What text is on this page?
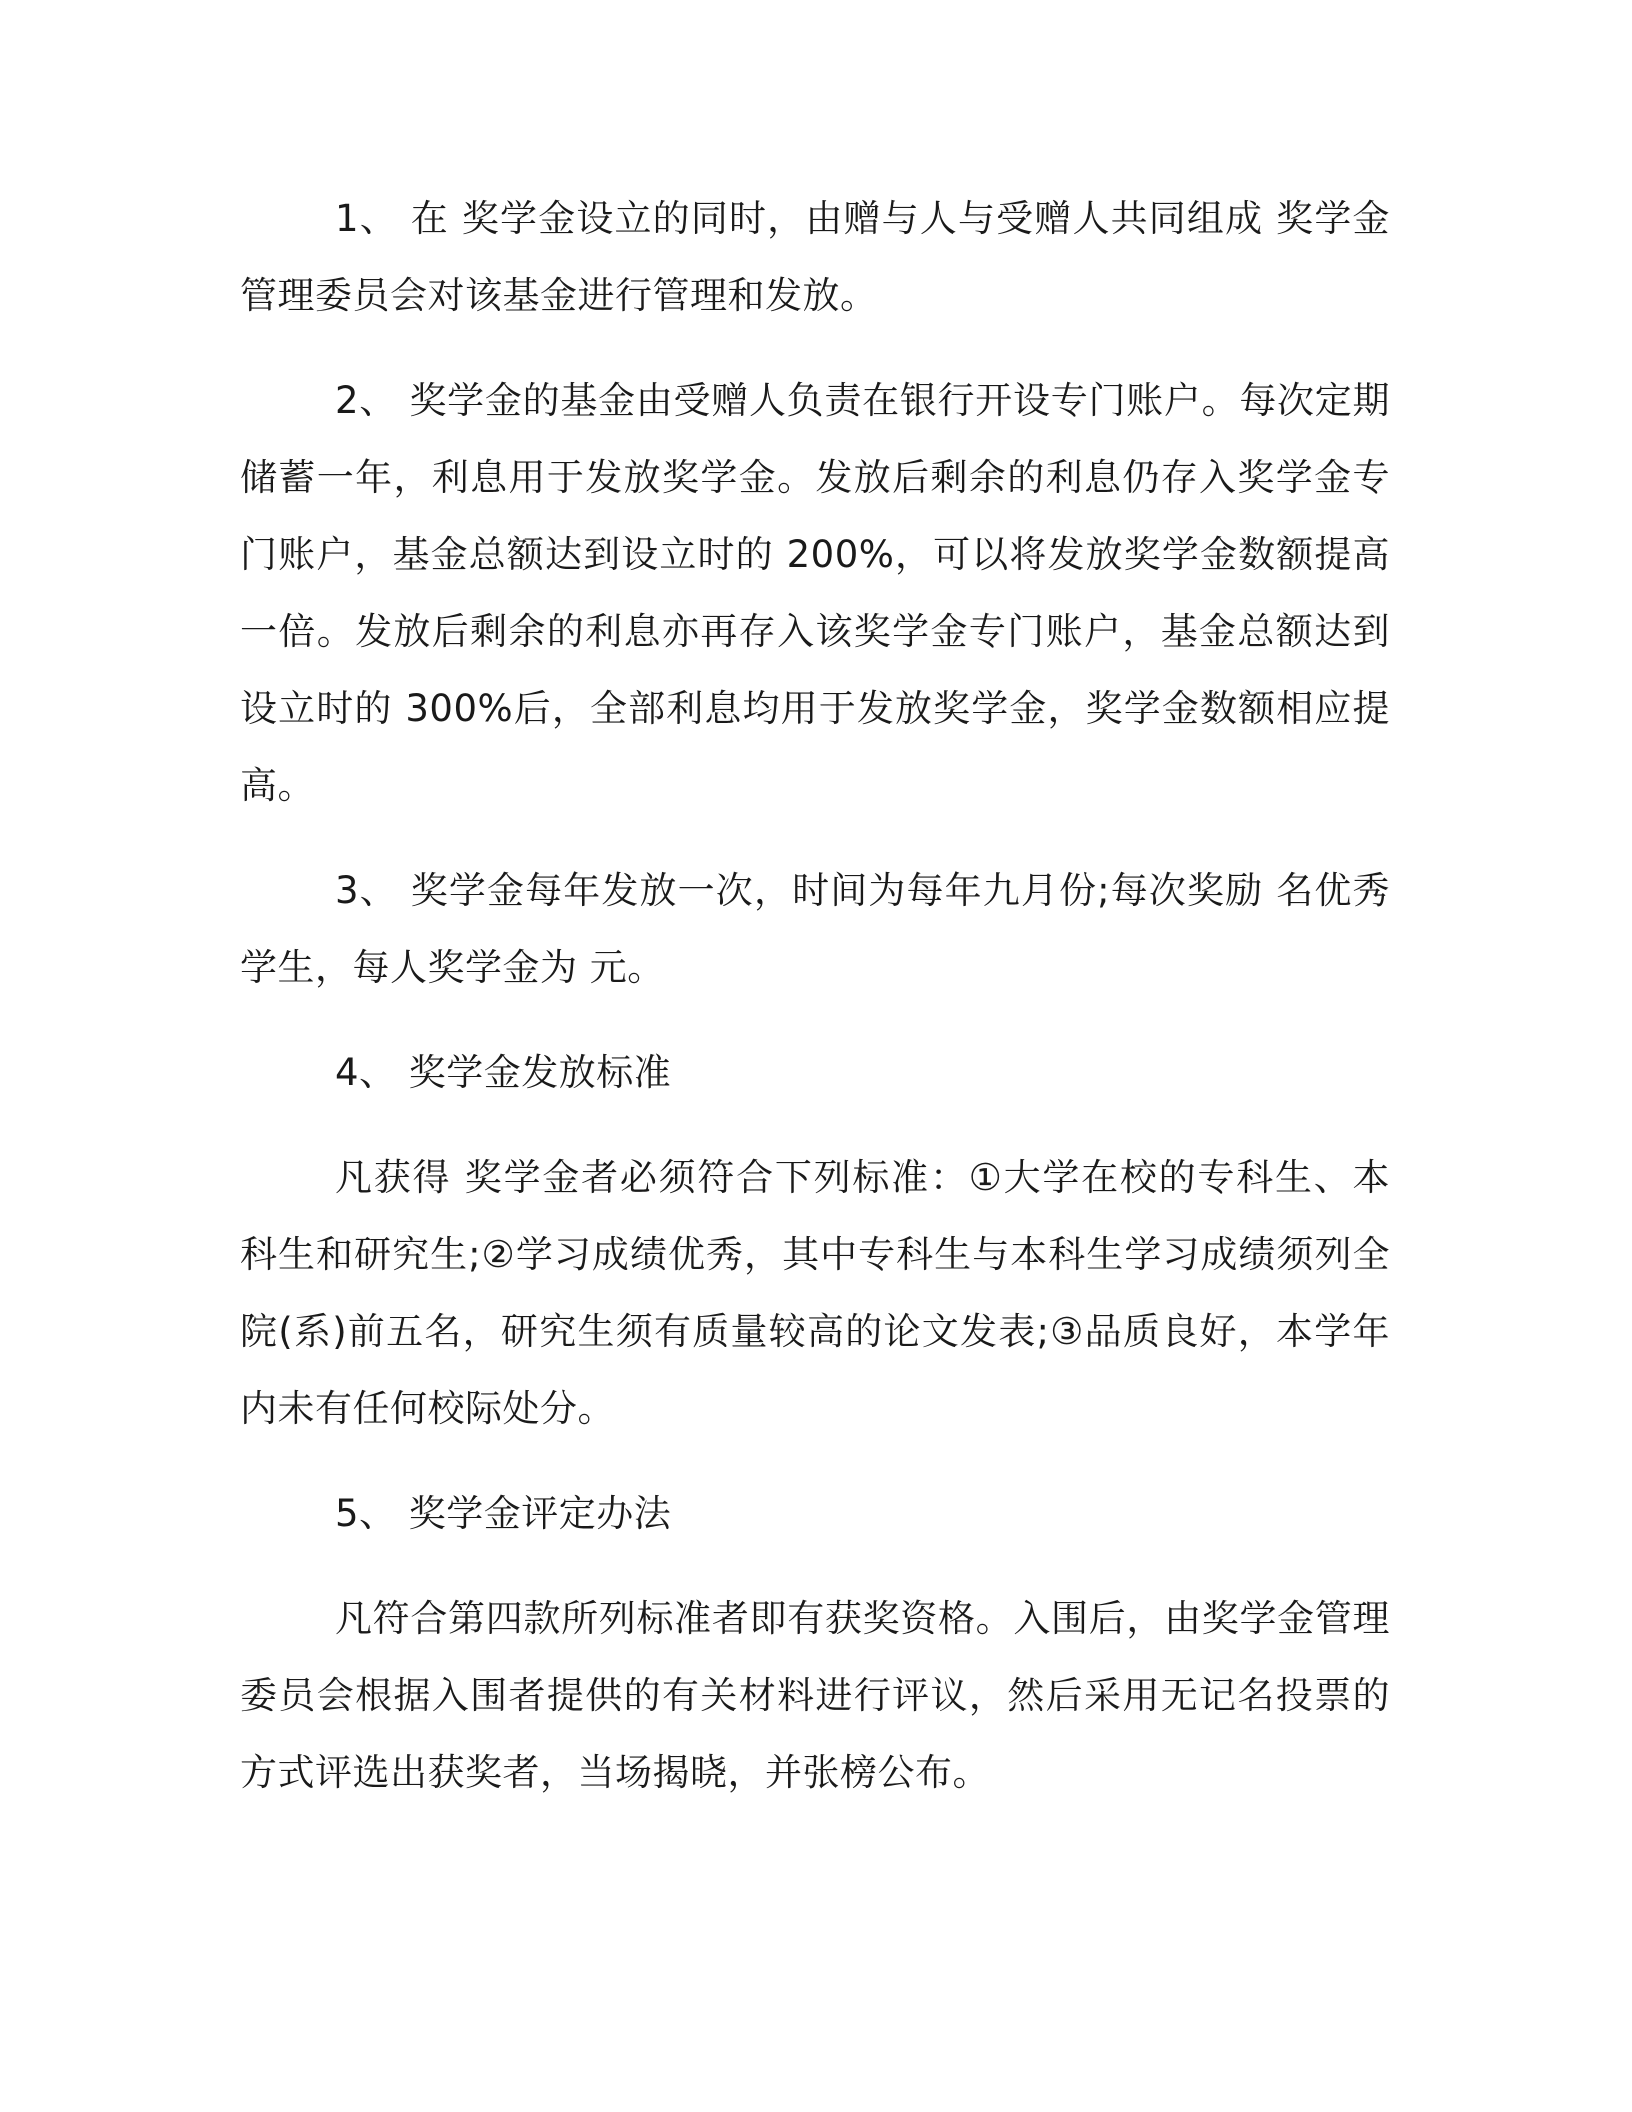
1、 在 奖学金设立的同时，由赠与人与受赠人共同组成 奖学金管理委员会对该基金进行管理和发放。

2、 奖学金的基金由受赠人负责在银行开设专门账户。每次定期储蓄一年，利息用于发放奖学金。发放后剩余的利息仍存入奖学金专门账户，基金总额达到设立时的 200%，可以将发放奖学金数额提高一倍。发放后剩余的利息亦再存入该奖学金专门账户，基金总额达到设立时的 300%后，全部利息均用于发放奖学金，奖学金数额相应提高。

3、 奖学金每年发放一次，时间为每年九月份;每次奖励 名优秀学生，每人奖学金为 元。

4、 奖学金发放标准

凡获得 奖学金者必须符合下列标准：①大学在校的专科生、本科生和研究生;②学习成绩优秀，其中专科生与本科生学习成绩须列全院(系)前五名，研究生须有质量较高的论文发表;③品质良好，本学年内未有任何校际处分。

5、 奖学金评定办法

凡符合第四款所列标准者即有获奖资格。入围后，由奖学金管理委员会根据入围者提供的有关材料进行评议，然后采用无记名投票的方式评选出获奖者，当场揭晓，并张榜公布。
